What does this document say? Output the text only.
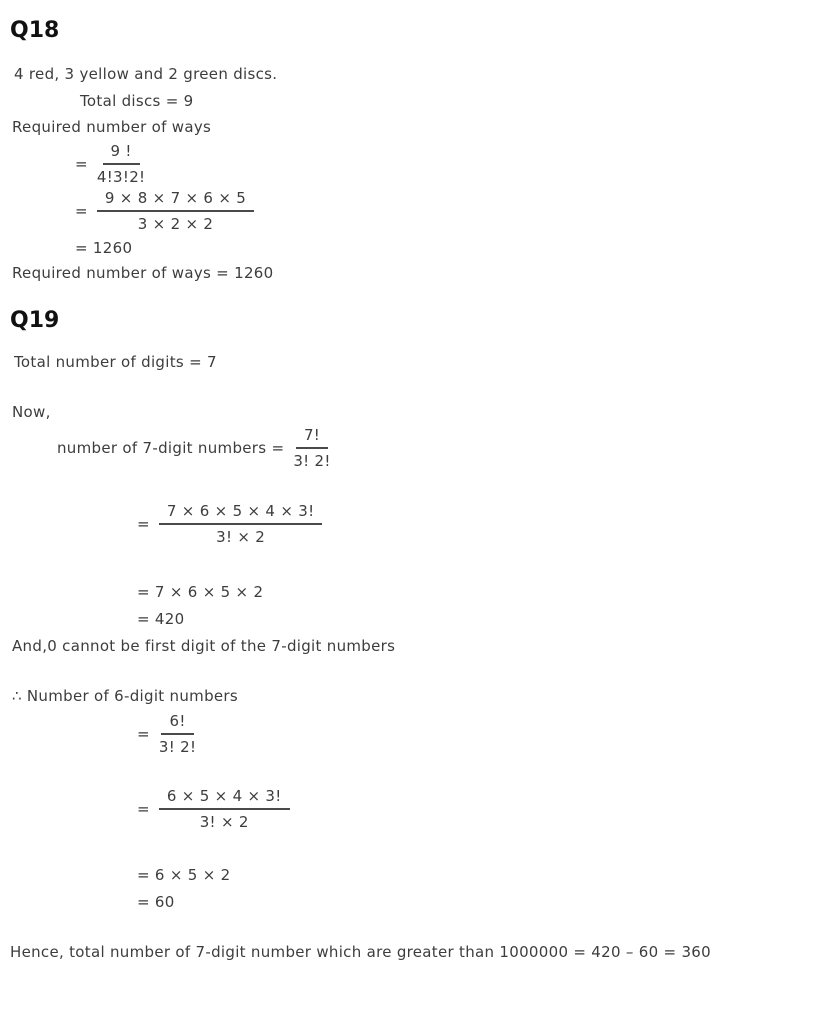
Q18

4 red, 3 yellow and 2 green discs.

Total discs = 9

Required number of ways

= $\frac{9 !}{4!3!2!}$
= $\frac{9 \times 8 \times 7 \times 6 \times 5}{3 \times 2 \times 2}$

= 1260

Required number of ways = 1260

Q19

Total number of digits = 7

Now,

number of 7-digit numbers = $\frac{7!}{3! 2!}$
= $\frac{7 \times 6 \times 5 \times 4 \times 3!}{3! \times 2}$

= 7 × 6 × 5 × 2

= 420

And,0 cannot be first digit of the 7-digit numbers

∴ Number of 6-digit numbers

= $\frac{6!}{3! 2!}$
= $\frac{6 \times 5 \times 4 \times 3!}{3! \times 2}$

= 6 × 5 × 2

= 60

Hence, total number of 7-digit number which are greater than 1000000 = 420 – 60 = 360
